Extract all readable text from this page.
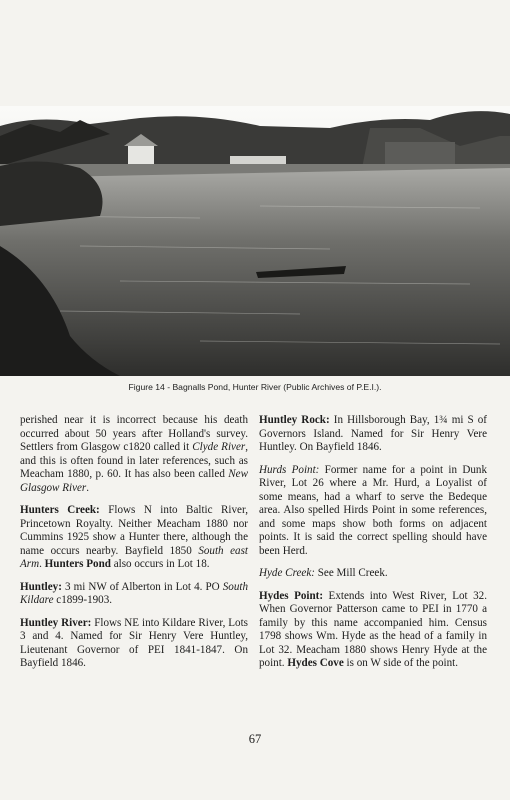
Figure 14 - Bagnalls Pond, Hunter River (Public Archives of P.E.I.).

perished near it is incorrect because his death occurred about 50 years after Holland's survey. Settlers from Glasgow c1820 called it Clyde River, and this is often found in later references, such as Meacham 1880, p. 60. It has also been called New Glasgow River.

Hunters Creek: Flows N into Baltic River, Princetown Royalty. Neither Meacham 1880 nor Cummins 1925 show a Hunter there, although the name occurs nearby. Bayfield 1850 South east Arm. Hunters Pond also occurs in Lot 18.

Huntley: 3 mi NW of Alberton in Lot 4. PO South Kildare c1899-1903.

Huntley River: Flows NE into Kildare River, Lots 3 and 4. Named for Sir Henry Vere Huntley, Lieutenant Governor of PEI 1841-1847. On Bayfield 1846.

Huntley Rock: In Hillsborough Bay, 1¾ mi S of Governors Island. Named for Sir Henry Vere Huntley. On Bayfield 1846.

Hurds Point: Former name for a point in Dunk River, Lot 26 where a Mr. Hurd, a Loyalist of some means, had a wharf to serve the Bedeque area. Also spelled Hirds Point in some references, and some maps show both forms on adjacent points. It is said the correct spelling should have been Herd.

Hyde Creek: See Mill Creek.

Hydes Point: Extends into West River, Lot 32. When Governor Patterson came to PEI in 1770 a family by this name accompanied him. Census 1798 shows Wm. Hyde as the head of a family in Lot 32. Meacham 1880 shows Henry Hyde at the point. Hydes Cove is on W side of the point.

67
